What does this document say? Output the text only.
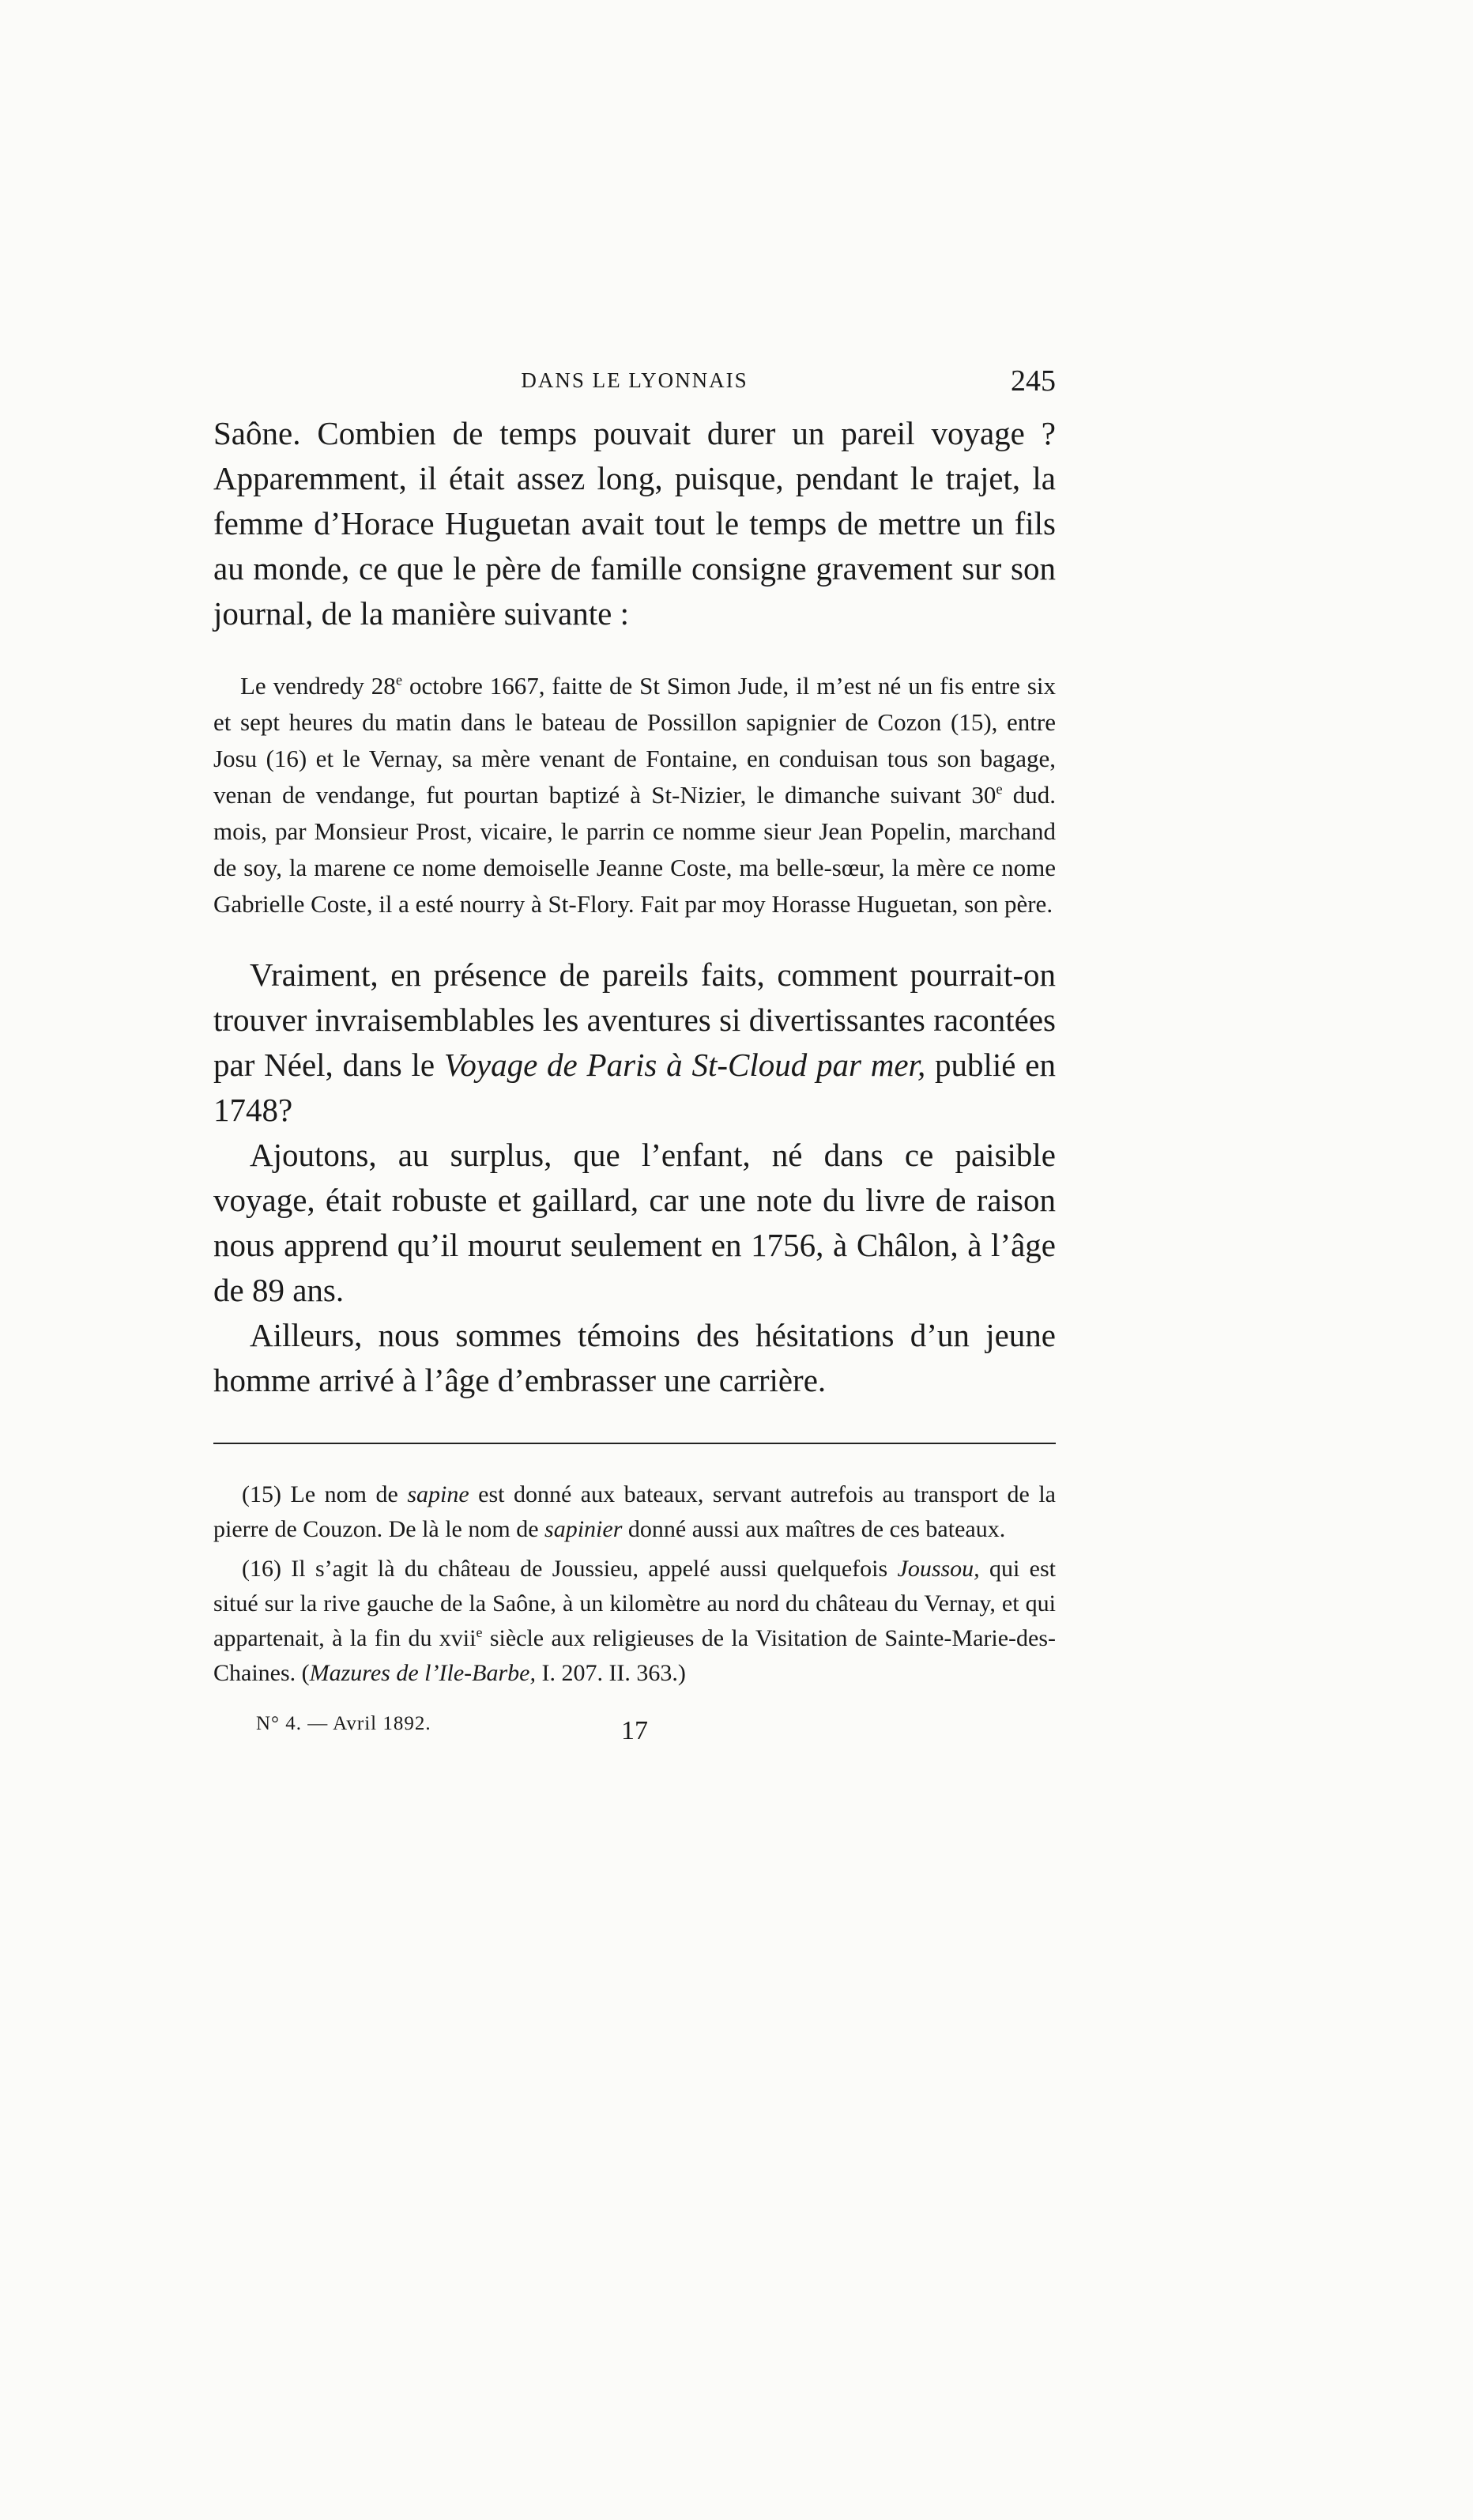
DANS LE LYONNAIS	245

Saône. Combien de temps pouvait durer un pareil voyage ? Apparemment, il était assez long, puisque, pendant le trajet, la femme d’Horace Huguetan avait tout le temps de mettre un fils au monde, ce que le père de famille consigne gravement sur son journal, de la manière suivante :

Le vendredy 28e octobre 1667, faitte de St Simon Jude, il m’est né un fis entre six et sept heures du matin dans le bateau de Possillon sapignier de Cozon (15), entre Josu (16) et le Vernay, sa mère venant de Fontaine, en conduisan tous son bagage, venan de vendange, fut pourtan baptizé à St-Nizier, le dimanche suivant 30e dud. mois, par Monsieur Prost, vicaire, le parrin ce nomme sieur Jean Popelin, marchand de soy, la marene ce nome demoiselle Jeanne Coste, ma belle-sœur, la mère ce nome Gabrielle Coste, il a esté nourry à St-Flory. Fait par moy Horasse Huguetan, son père.

Vraiment, en présence de pareils faits, comment pourrait-on trouver invraisemblables les aventures si divertissantes racontées par Néel, dans le Voyage de Paris à St-Cloud par mer, publié en 1748?

Ajoutons, au surplus, que l’enfant, né dans ce paisible voyage, était robuste et gaillard, car une note du livre de raison nous apprend qu’il mourut seulement en 1756, à Châlon, à l’âge de 89 ans.

Ailleurs, nous sommes témoins des hésitations d’un jeune homme arrivé à l’âge d’embrasser une carrière.

(15) Le nom de sapine est donné aux bateaux, servant autrefois au transport de la pierre de Couzon. De là le nom de sapinier donné aussi aux maîtres de ces bateaux.

(16) Il s’agit là du château de Joussieu, appelé aussi quelquefois Joussou, qui est situé sur la rive gauche de la Saône, à un kilomètre au nord du château du Vernay, et qui appartenait, à la fin du xvii$^e$ siècle aux religieuses de la Visitation de Sainte-Marie-des-Chaines. (Mazures de l’Ile-Barbe, I. 207. II. 363.)

N° 4. — Avril 1892.	17
